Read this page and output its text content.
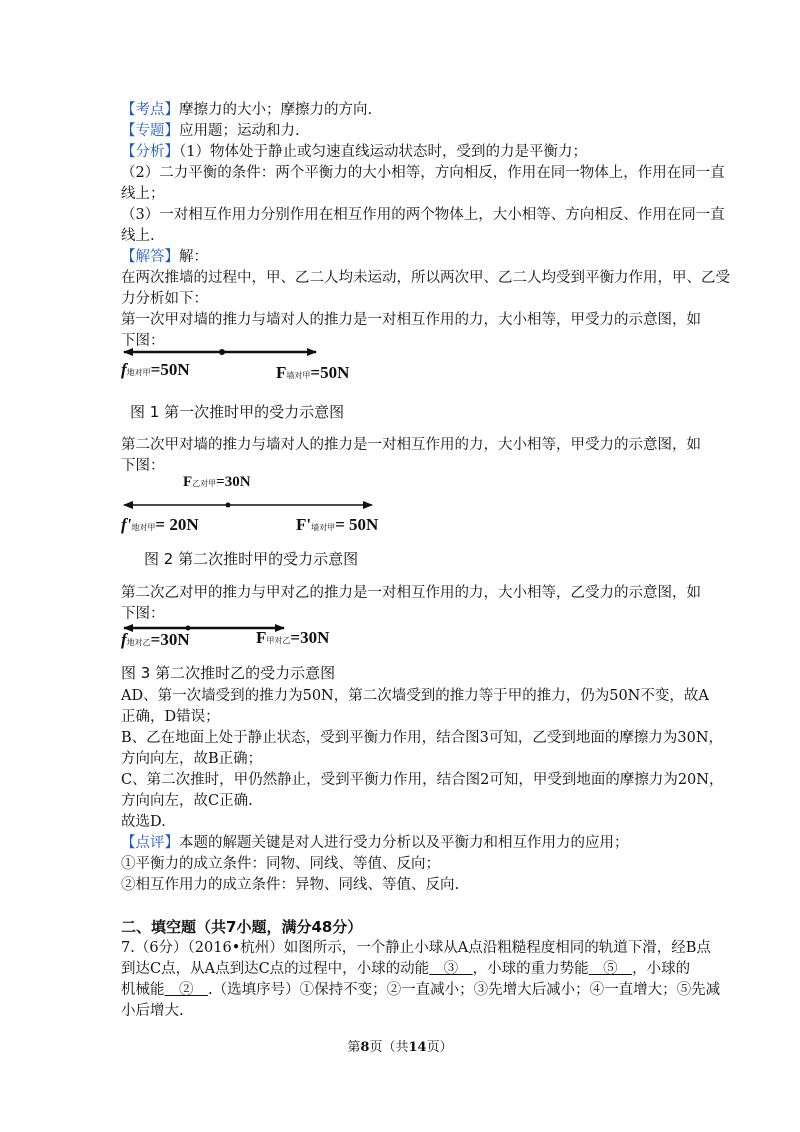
【考点】摩擦力的大小；摩擦力的方向.
【专题】应用题；运动和力.
【分析】（1）物体处于静止或匀速直线运动状态时，受到的力是平衡力；
（2）二力平衡的条件：两个平衡力的大小相等，方向相反，作用在同一物体上，作用在同一直
线上；
（3）一对相互作用力分别作用在相互作用的两个物体上，大小相等、方向相反、作用在同一直
线上.
【解答】解：
在两次推墙的过程中，甲、乙二人均未运动，所以两次甲、乙二人均受到平衡力作用，甲、乙受
力分析如下：
第一次甲对墙的推力与墙对人的推力是一对相互作用的力，大小相等，甲受力的示意图，如
下图：
f地对甲=50N	F墙对甲=50N
图 1 第一次推时甲的受力示意图
第二次甲对墙的推力与墙对人的推力是一对相互作用的力，大小相等，甲受力的示意图，如
下图：
F乙对甲=30N
f'地对甲= 20N	F'墙对甲= 50N
图 2 第二次推时甲的受力示意图
第二次乙对甲的推力与甲对乙的推力是一对相互作用的力，大小相等，乙受力的示意图，如
下图：
f地对乙=30N	F甲对乙=30N
图 3 第二次推时乙的受力示意图
AD、第一次墙受到的推力为50N，第二次墙受到的推力等于甲的推力，仍为50N不变，故A
正确，D错误；
B、乙在地面上处于静止状态，受到平衡力作用，结合图3可知，乙受到地面的摩擦力为30N，
方向向左，故B正确；
C、第二次推时，甲仍然静止，受到平衡力作用，结合图2可知，甲受到地面的摩擦力为20N，
方向向左，故C正确.
故选D.
【点评】本题的解题关键是对人进行受力分析以及平衡力和相互作用力的应用；
①平衡力的成立条件：同物、同线、等值、反向；
②相互作用力的成立条件：异物、同线、等值、反向.
二、填空题（共7小题，满分48分）
7.（6分）（2016•杭州）如图所示，一个静止小球从A点沿粗糙程度相同的轨道下滑，经B点
到达C点，从A点到达C点的过程中，小球的动能　③　，小球的重力势能　⑤　，小球的
机械能　②　.（选填序号）①保持不变；②一直减小；③先增大后减小；④一直增大；⑤先减
小后增大.
第8页（共14页）
